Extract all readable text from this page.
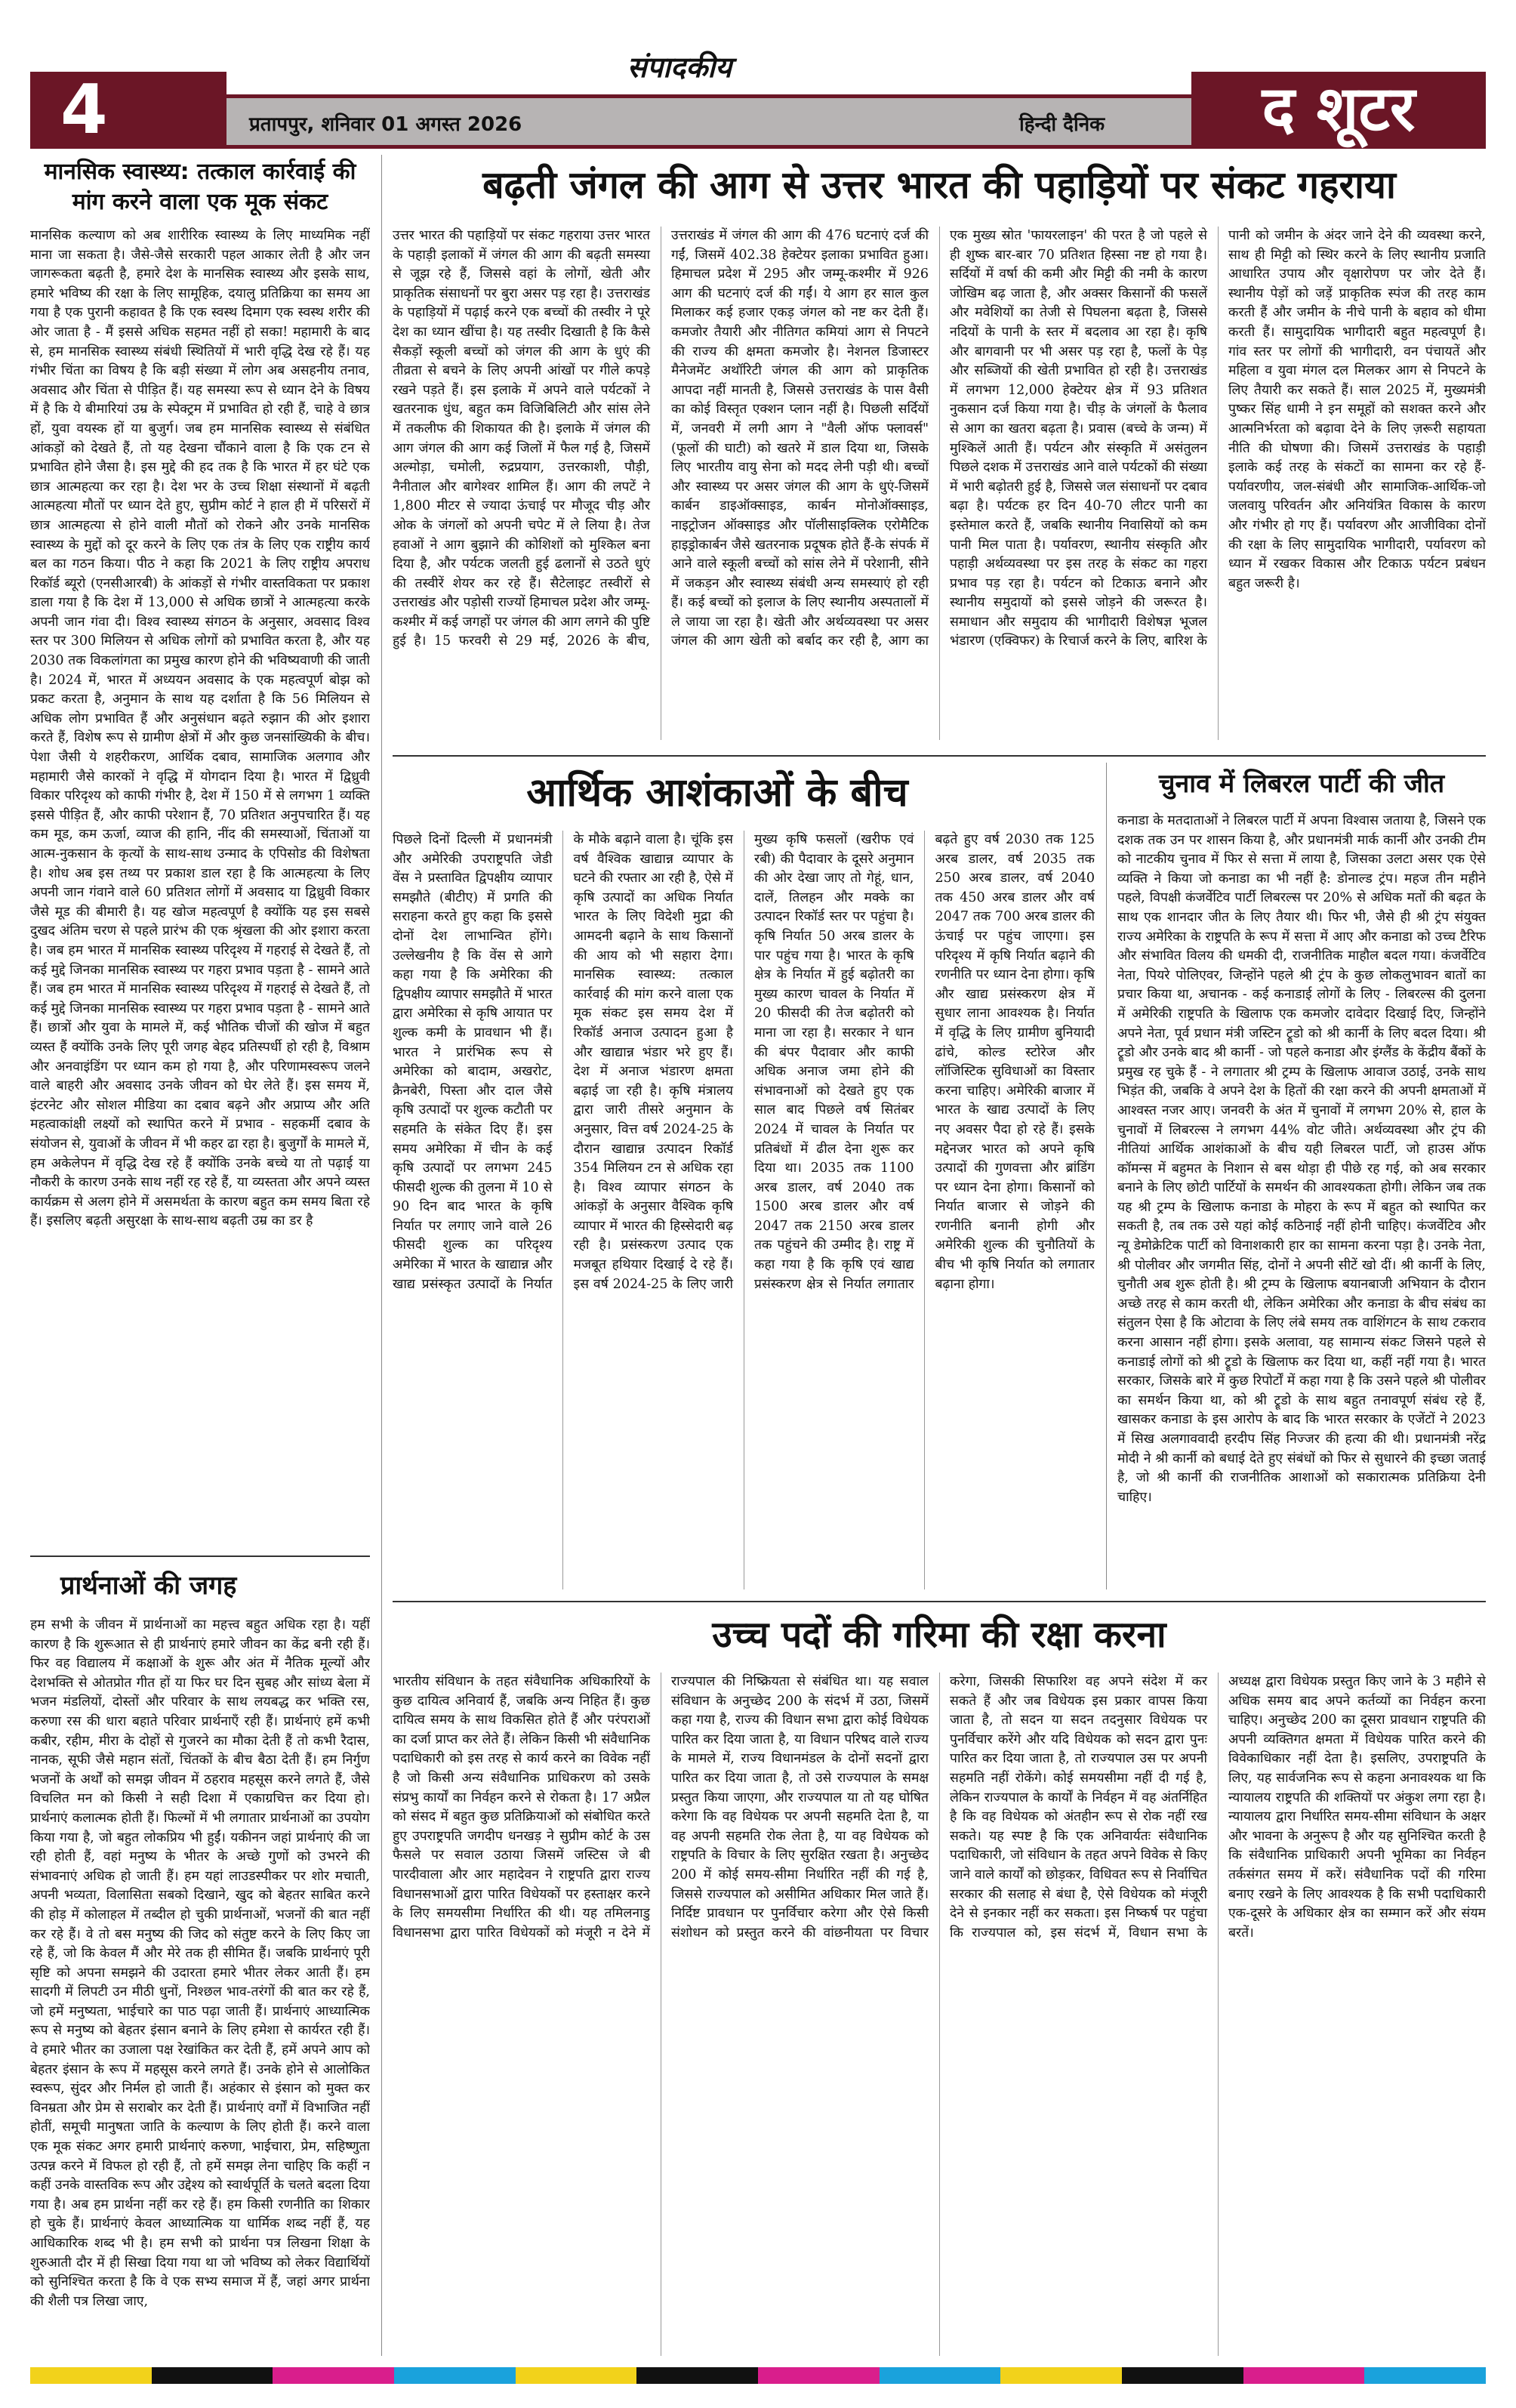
संपादकीय
4	प्रतापपुर, शनिवार 01 अगस्त 2026	हिन्दी दैनिक	द शूटर
मानसिक स्वास्थ्य: तत्काल कार्रवाई की मांग करने वाला एक मूक संकट
मानसिक कल्याण को अब शारीरिक स्वास्थ्य के लिए माध्यमिक नहीं माना जा सकता है। जैसे-जैसे सरकारी पहल आकार लेती है और जन जागरूकता बढ़ती है, हमारे देश के मानसिक स्वास्थ्य और इसके साथ, हमारे भविष्य की रक्षा के लिए सामूहिक, दयालु प्रतिक्रिया का समय आ गया है एक पुरानी कहावत है कि एक स्वस्थ दिमाग एक स्वस्थ शरीर की ओर जाता है - मैं इससे अधिक सहमत नहीं हो सका! महामारी के बाद से, हम मानसिक स्वास्थ्य संबंधी स्थितियों में भारी वृद्धि देख रहे हैं। यह गंभीर चिंता का विषय है कि बड़ी संख्या में लोग अब असहनीय तनाव, अवसाद और चिंता से पीड़ित हैं। यह समस्या रूप से ध्यान देने के विषय में है कि ये बीमारियां उम्र के स्पेक्ट्रम में प्रभावित हो रही हैं, चाहे वे छात्र हों, युवा वयस्क हों या बुजुर्ग। जब हम मानसिक स्वास्थ्य से संबंधित आंकड़ों को देखते हैं, तो यह देखना चौंकाने वाला है कि एक टन से प्रभावित होने जैसा है। इस मुद्दे की हद तक है कि भारत में हर घंटे एक छात्र आत्महत्या कर रहा है। देश भर के उच्च शिक्षा संस्थानों में बढ़ती आत्महत्या मौतों पर ध्यान देते हुए, सुप्रीम कोर्ट ने हाल ही में परिसरों में छात्र आत्महत्या से होने वाली मौतों को रोकने और उनके मानसिक स्वास्थ्य के मुद्दों को दूर करने के लिए एक तंत्र के लिए एक राष्ट्रीय कार्य बल का गठन किया। पीठ ने कहा कि 2021 के लिए राष्ट्रीय अपराध रिकॉर्ड ब्यूरो (एनसीआरबी) के आंकड़ों से गंभीर वास्तविकता पर प्रकाश डाला गया है कि देश में 13,000 से अधिक छात्रों ने आत्महत्या करके अपनी जान गंवा दी। विश्व स्वास्थ्य संगठन के अनुसार, अवसाद विश्व स्तर पर 300 मिलियन से अधिक लोगों को प्रभावित करता है, और यह 2030 तक विकलांगता का प्रमुख कारण होने की भविष्यवाणी की जाती है। 2024 में, भारत में अध्ययन अवसाद के एक महत्वपूर्ण बोझ को प्रकट करता है, अनुमान के साथ यह दर्शाता है कि 56 मिलियन से अधिक लोग प्रभावित हैं और अनुसंधान बढ़ते रुझान की ओर इशारा करते हैं, विशेष रूप से ग्रामीण क्षेत्रों में और कुछ जनसांख्यिकी के बीच। पेशा जैसी ये शहरीकरण, आर्थिक दबाव, सामाजिक अलगाव और महामारी जैसे कारकों ने वृद्धि में योगदान दिया है। भारत में द्विध्रुवी विकार परिदृश्य को काफी गंभीर है, देश में 150 में से लगभग 1 व्यक्ति इससे पीड़ित हैं, और काफी परेशान हैं, 70 प्रतिशत अनुपचारित हैं। यह कम मूड, कम ऊर्जा, व्याज की हानि, नींद की समस्याओं, चिंताओं या आत्म-नुकसान के कृत्यों के साथ-साथ उन्माद के एपिसोड की विशेषता है। शोध अब इस तथ्य पर प्रकाश डाल रहा है कि आत्महत्या के लिए अपनी जान गंवाने वाले 60 प्रतिशत लोगों में अवसाद या द्विध्रुवी विकार जैसे मूड की बीमारी है। यह खोज महत्वपूर्ण है क्योंकि यह इस सबसे दुखद अंतिम चरण से पहले प्रारंभ की एक श्रृंखला की ओर इशारा करता है। जब हम भारत में मानसिक स्वास्थ्य परिदृश्य में गहराई से देखते हैं, तो कई मुद्दे जिनका मानसिक स्वास्थ्य पर गहरा प्रभाव पड़ता है - सामने आते हैं। जब हम भारत में मानसिक स्वास्थ्य परिदृश्य में गहराई से देखते हैं, तो कई मुद्दे जिनका मानसिक स्वास्थ्य पर गहरा प्रभाव पड़ता है - सामने आते हैं। छात्रों और युवा के मामले में, कई भौतिक चीजों की खोज में बहुत व्यस्त हैं क्योंकि उनके लिए पूरी जगह बेहद प्रतिस्पर्धी हो रही है, विश्राम और अनवाइंडिंग पर ध्यान कम हो गया है, और परिणामस्वरूप जलने वाले बाहरी और अवसाद उनके जीवन को घेर लेते हैं। इस समय में, इंटरनेट और सोशल मीडिया का दबाव बढ़ने और अप्राप्य और अति महत्वाकांक्षी लक्ष्यों को स्थापित करने में प्रभाव - सहकर्मी दबाव के संयोजन से, युवाओं के जीवन में भी कहर ढा रहा है। बुजुर्गों के मामले में, हम अकेलेपन में वृद्धि देख रहे हैं क्योंकि उनके बच्चे या तो पढ़ाई या नौकरी के कारण उनके साथ नहीं रह रहे हैं, या व्यस्तता और अपने व्यस्त कार्यक्रम से अलग होने में असमर्थता के कारण बहुत कम समय बिता रहे हैं। इसलिए बढ़ती असुरक्षा के साथ-साथ बढ़ती उम्र का डर है
प्रार्थनाओं की जगह
हम सभी के जीवन में प्रार्थनाओं का महत्त्व बहुत अधिक रहा है। यहीं कारण है कि शुरूआत से ही प्रार्थनाएं हमारे जीवन का केंद्र बनी रही हैं। फिर वह विद्यालय में कक्षाओं के शुरू और अंत में नैतिक मूल्यों और देशभक्ति से ओतप्रोत गीत हों या फिर घर दिन सुबह और सांध्य बेला में भजन मंडलियों, दोस्तों और परिवार के साथ लयबद्ध कर भक्ति रस, करुणा रस की धारा बहाते परिवार प्रार्थनाएँ रही हैं। प्रार्थनाएं हमें कभी कबीर, रहीम, मीरा के दोहों से गुजरने का मौका देती हैं तो कभी रैदास, नानक, सूफी जैसे महान संतों, चिंतकों के बीच बैठा देती हैं। हम निर्गुण भजनों के अर्थों को समझ जीवन में ठहराव महसूस करने लगते हैं, जैसे विचलित मन को किसी ने सही दिशा में एकाग्रचित्त कर दिया हो। प्रार्थनाएं कलात्मक होती हैं। फिल्मों में भी लगातार प्रार्थनाओं का उपयोग किया गया है, जो बहुत लोकप्रिय भी हुईं। यकीनन जहां प्रार्थनाएं की जा रही होती हैं, वहां मनुष्य के भीतर के अच्छे गुणों को उभरने की संभावनाएं अधिक हो जाती हैं। हम यहां लाउडस्पीकर पर शोर मचाती, अपनी भव्यता, विलासिता सबको दिखाने, खुद को बेहतर साबित करने की होड़ में कोलाहल में तब्दील हो चुकी प्रार्थनाओं, भजनों की बात नहीं कर रहे हैं। वे तो बस मनुष्य की जिद को संतुष्ट करने के लिए किए जा रहे हैं, जो कि केवल मैं और मेरे तक ही सीमित हैं। जबकि प्रार्थनाएं पूरी सृष्टि को अपना समझने की उदारता हमारे भीतर लेकर आती हैं। हम सादगी में लिपटी उन मीठी धुनों, निश्छल भाव-तरंगों की बात कर रहे हैं, जो हमें मनुष्यता, भाईचारे का पाठ पढ़ा जाती हैं। प्रार्थनाएं आध्यात्मिक रूप से मनुष्य को बेहतर इंसान बनाने के लिए हमेशा से कार्यरत रही हैं। वे हमारे भीतर का उजाला पक्ष रेखांकित कर देती हैं, हमें अपने आप को बेहतर इंसान के रूप में महसूस करने लगते हैं। उनके होने से आलोकित स्वरूप, सुंदर और निर्मल हो जाती हैं। अहंकार से इंसान को मुक्त कर विनम्रता और प्रेम से सराबोर कर देती हैं। प्रार्थनाएं वर्गों में विभाजित नहीं होतीं, समूची मानुषता जाति के कल्याण के लिए होती हैं। करने वाला एक मूक संकट अगर हमारी प्रार्थनाएं करुणा, भाईचारा, प्रेम, सहिष्णुता उत्पन्न करने में विफल हो रही हैं, तो हमें समझ लेना चाहिए कि कहीं न कहीं उनके वास्तविक रूप और उद्देश्य को स्वार्थपूर्ति के चलते बदला दिया गया है। अब हम प्रार्थना नहीं कर रहे हैं। हम किसी रणनीति का शिकार हो चुके हैं। प्रार्थनाएं केवल आध्यात्मिक या धार्मिक शब्द नहीं हैं, यह आधिकारिक शब्द भी है। हम सभी को प्रार्थना पत्र लिखना शिक्षा के शुरुआती दौर में ही सिखा दिया गया था जो भविष्य को लेकर विद्यार्थियों को सुनिश्चित करता है कि वे एक सभ्य समाज में हैं, जहां अगर प्रार्थना की शैली पत्र लिखा जाए,
बढ़ती जंगल की आग से उत्तर भारत की पहाड़ियों पर संकट गहराया
उत्तर भारत की पहाड़ियों पर संकट गहराया उत्तर भारत के पहाड़ी इलाकों में जंगल की आग की बढ़ती समस्या से जूझ रहे हैं, जिससे वहां के लोगों, खेती और प्राकृतिक संसाधनों पर बुरा असर पड़ रहा है। उत्तराखंड के पहाड़ियों में पढ़ाई करने एक बच्चों की तस्वीर ने पूरे देश का ध्यान खींचा है। यह तस्वीर दिखाती है कि कैसे सैकड़ों स्कूली बच्चों को जंगल की आग के धुएं की तीव्रता से बचने के लिए अपनी आंखों पर गीले कपड़े रखने पड़ते हैं। इस इलाके में अपने वाले पर्यटकों ने खतरनाक धुंध, बहुत कम विजिबिलिटी और सांस लेने में तकलीफ की शिकायत की है। इलाके में जंगल की आग जंगल की आग कई जिलों में फैल गई है, जिसमें अल्मोड़ा, चमोली, रुद्रप्रयाग, उत्तरकाशी, पौड़ी, नैनीताल और बागेश्वर शामिल हैं। आग की लपटें ने 1,800 मीटर से ज्यादा ऊंचाई पर मौजूद चीड़ और ओक के जंगलों को अपनी चपेट में ले लिया है। तेज हवाओं ने आग बुझाने की कोशिशों को मुश्किल बना दिया है, और पर्यटक जलती हुई ढलानों से उठते धुएं की तस्वीरें शेयर कर रहे हैं। सैटेलाइट तस्वीरों से उत्तराखंड और पड़ोसी राज्यों हिमाचल प्रदेश और जम्मू-कश्मीर में कई जगहों पर जंगल की आग लगने की पुष्टि हुई है। 15 फरवरी से 29 मई, 2026 के बीच, उत्तराखंड में जंगल की आग की 476 घटनाएं दर्ज की गईं, जिसमें 402.38 हेक्टेयर इलाका प्रभावित हुआ। हिमाचल प्रदेश में 295 और जम्मू-कश्मीर में 926 आग की घटनाएं दर्ज की गईं। ये आग हर साल कुल मिलाकर कई हजार एकड़ जंगल को नष्ट कर देती हैं। कमजोर तैयारी और नीतिगत कमियां आग से निपटने की राज्य की क्षमता कमजोर है। नेशनल डिजास्टर मैनेजमेंट अथॉरिटी जंगल की आग को प्राकृतिक आपदा नहीं मानती है, जिससे उत्तराखंड के पास वैसी का कोई विस्तृत एक्शन प्लान नहीं है। पिछली सर्दियों में, जनवरी में लगी आग ने "वैली ऑफ फ्लावर्स" (फूलों की घाटी) को खतरे में डाल दिया था, जिसके लिए भारतीय वायु सेना को मदद लेनी पड़ी थी। बच्चों और स्वास्थ्य पर असर जंगल की आग के धुएं-जिसमें कार्बन डाइऑक्साइड, कार्बन मोनोऑक्साइड, नाइट्रोजन ऑक्साइड और पॉलीसाइक्लिक एरोमैटिक हाइड्रोकार्बन जैसे खतरनाक प्रदूषक होते हैं-के संपर्क में आने वाले स्कूली बच्चों को सांस लेने में परेशानी, सीने में जकड़न और स्वास्थ्य संबंधी अन्य समस्याएं हो रही हैं। कई बच्चों को इलाज के लिए स्थानीय अस्पतालों में ले जाया जा रहा है। खेती और अर्थव्यवस्था पर असर जंगल की आग खेती को बर्बाद कर रही है, आग का एक मुख्य स्रोत 'फायरलाइन' की परत है जो पहले से ही शुष्क बार-बार 70 प्रतिशत हिस्सा नष्ट हो गया है। सर्दियों में वर्षा की कमी और मिट्टी की नमी के कारण जोखिम बढ़ जाता है, और अक्सर किसानों की फसलें और मवेशियों का तेजी से पिघलना बढ़ता है, जिससे नदियों के पानी के स्तर में बदलाव आ रहा है। कृषि और बागवानी पर भी असर पड़ रहा है, फलों के पेड़ और सब्जियों की खेती प्रभावित हो रही है। उत्तराखंड में लगभग 12,000 हेक्टेयर क्षेत्र में 93 प्रतिशत नुकसान दर्ज किया गया है। चीड़ के जंगलों के फैलाव से आग का खतरा बढ़ता है। प्रवास (बच्चे के जन्म) में मुश्किलें आती हैं। पर्यटन और संस्कृति में असंतुलन पिछले दशक में उत्तराखंड आने वाले पर्यटकों की संख्या में भारी बढ़ोतरी हुई है, जिससे जल संसाधनों पर दबाव बढ़ा है। पर्यटक हर दिन 40-70 लीटर पानी का इस्तेमाल करते हैं, जबकि स्थानीय निवासियों को कम पानी मिल पाता है। पर्यावरण, स्थानीय संस्कृति और पहाड़ी अर्थव्यवस्था पर इस तरह के संकट का गहरा प्रभाव पड़ रहा है। पर्यटन को टिकाऊ बनाने और स्थानीय समुदायों को इससे जोड़ने की जरूरत है। समाधान और समुदाय की भागीदारी विशेषज्ञ भूजल भंडारण (एक्विफर) के रिचार्ज करने के लिए, बारिश के पानी को जमीन के अंदर जाने देने की व्यवस्था करने, साथ ही मिट्टी को स्थिर करने के लिए स्थानीय प्रजाति आधारित उपाय और वृक्षारोपण पर जोर देते हैं। स्थानीय पेड़ों को जड़ें प्राकृतिक स्पंज की तरह काम करती हैं और जमीन के नीचे पानी के बहाव को धीमा करती हैं। सामुदायिक भागीदारी बहुत महत्वपूर्ण है। गांव स्तर पर लोगों की भागीदारी, वन पंचायतें और महिला व युवा मंगल दल मिलकर आग से निपटने के लिए तैयारी कर सकते हैं। साल 2025 में, मुख्यमंत्री पुष्कर सिंह धामी ने इन समूहों को सशक्त करने और आत्मनिर्भरता को बढ़ावा देने के लिए ज़रूरी सहायता नीति की घोषणा की। जिसमें उत्तराखंड के पहाड़ी इलाके कई तरह के संकटों का सामना कर रहे हैं-पर्यावरणीय, जल-संबंधी और सामाजिक-आर्थिक-जो जलवायु परिवर्तन और अनियंत्रित विकास के कारण और गंभीर हो गए हैं। पर्यावरण और आजीविका दोनों की रक्षा के लिए सामुदायिक भागीदारी, पर्यावरण को ध्यान में रखकर विकास और टिकाऊ पर्यटन प्रबंधन बहुत जरूरी है।
आर्थिक आशंकाओं के बीच
पिछले दिनों दिल्ली में प्रधानमंत्री और अमेरिकी उपराष्ट्रपति जेडी वेंस ने प्रस्तावित द्विपक्षीय व्यापार समझौते (बीटीए) में प्रगति की सराहना करते हुए कहा कि इससे दोनों देश लाभान्वित होंगे। उल्लेखनीय है कि वेंस से आगे कहा गया है कि अमेरिका की द्विपक्षीय व्यापार समझौते में भारत द्वारा अमेरिका से कृषि आयात पर शुल्क कमी के प्रावधान भी हैं। भारत ने प्रारंभिक रूप से अमेरिका को बादाम, अखरोट, क्रैनबेरी, पिस्ता और दाल जैसे कृषि उत्पादों पर शुल्क कटौती पर सहमति के संकेत दिए हैं। इस समय अमेरिका में चीन के कई कृषि उत्पादों पर लगभग 245 फीसदी शुल्क की तुलना में 10 से 90 दिन बाद भारत के कृषि निर्यात पर लगाए जाने वाले 26 फीसदी शुल्क का परिदृश्य अमेरिका में भारत के खाद्यान्न और खाद्य प्रसंस्कृत उत्पादों के निर्यात के मौके बढ़ाने वाला है। चूंकि इस वर्ष वैश्विक खाद्यान्न व्यापार के घटने की रफ्तार आ रही है, ऐसे में कृषि उत्पादों का अधिक निर्यात भारत के लिए विदेशी मुद्रा की आमदनी बढ़ाने के साथ किसानों की आय को भी सहारा देगा। मानसिक स्वास्थ्य: तत्काल कार्रवाई की मांग करने वाला एक मूक संकट इस समय देश में रिकॉर्ड अनाज उत्पादन हुआ है और खाद्यान्न भंडार भरे हुए हैं। देश में अनाज भंडारण क्षमता बढ़ाई जा रही है। कृषि मंत्रालय द्वारा जारी तीसरे अनुमान के अनुसार, वित्त वर्ष 2024-25 के दौरान खाद्यान्न उत्पादन रिकॉर्ड 354 मिलियन टन से अधिक रहा है। विश्व व्यापार संगठन के आंकड़ों के अनुसार वैश्विक कृषि व्यापार में भारत की हिस्सेदारी बढ़ रही है। प्रसंस्करण उत्पाद एक मजबूत हथियार दिखाई दे रहे हैं। इस वर्ष 2024-25 के लिए जारी मुख्य कृषि फसलों (खरीफ एवं रबी) की पैदावार के दूसरे अनुमान की ओर देखा जाए तो गेहूं, धान, दालें, तिलहन और मक्के का उत्पादन रिकॉर्ड स्तर पर पहुंचा है। कृषि निर्यात 50 अरब डालर के पार पहुंच गया है। भारत के कृषि क्षेत्र के निर्यात में हुई बढ़ोतरी का मुख्य कारण चावल के निर्यात में 20 फीसदी की तेज बढ़ोतरी को माना जा रहा है। सरकार ने धान की बंपर पैदावार और काफी अधिक अनाज जमा होने की संभावनाओं को देखते हुए एक साल बाद पिछले वर्ष सितंबर 2024 में चावल के निर्यात पर प्रतिबंधों में ढील देना शुरू कर दिया था। 2035 तक 1100 अरब डालर, वर्ष 2040 तक 1500 अरब डालर और वर्ष 2047 तक 2150 अरब डालर तक पहुंचने की उम्मीद है। राष्ट्र में कहा गया है कि कृषि एवं खाद्य प्रसंस्करण क्षेत्र से निर्यात लगातार बढ़ते हुए वर्ष 2030 तक 125 अरब डालर, वर्ष 2035 तक 250 अरब डालर, वर्ष 2040 तक 450 अरब डालर और वर्ष 2047 तक 700 अरब डालर की ऊंचाई पर पहुंच जाएगा। इस परिदृश्य में कृषि निर्यात बढ़ाने की रणनीति पर ध्यान देना होगा। कृषि और खाद्य प्रसंस्करण क्षेत्र में सुधार लाना आवश्यक है। निर्यात में वृद्धि के लिए ग्रामीण बुनियादी ढांचे, कोल्ड स्टोरेज और लॉजिस्टिक सुविधाओं का विस्तार करना चाहिए। अमेरिकी बाजार में भारत के खाद्य उत्पादों के लिए नए अवसर पैदा हो रहे हैं। इसके मद्देनजर भारत को अपने कृषि उत्पादों की गुणवत्ता और ब्रांडिंग पर ध्यान देना होगा। किसानों को निर्यात बाजार से जोड़ने की रणनीति बनानी होगी और अमेरिकी शुल्क की चुनौतियों के बीच भी कृषि निर्यात को लगातार बढ़ाना होगा।
चुनाव में लिबरल पार्टी की जीत
कनाडा के मतदाताओं ने लिबरल पार्टी में अपना विश्वास जताया है, जिसने एक दशक तक उन पर शासन किया है, और प्रधानमंत्री मार्क कार्नी और उनकी टीम को नाटकीय चुनाव में फिर से सत्ता में लाया है, जिसका उलटा असर एक ऐसे व्यक्ति ने किया जो कनाडा का भी नहीं है: डोनाल्ड ट्रंप। महज तीन महीने पहले, विपक्षी कंजर्वेटिव पार्टी लिबरल्स पर 20% से अधिक मतों की बढ़त के साथ एक शानदार जीत के लिए तैयार थी। फिर भी, जैसे ही श्री ट्रंप संयुक्त राज्य अमेरिका के राष्ट्रपति के रूप में सत्ता में आए और कनाडा को उच्च टैरिफ और संभावित विलय की धमकी दी, राजनीतिक माहौल बदल गया। कंजर्वेटिव नेता, पियरे पोलिएवर, जिन्होंने पहले श्री ट्रंप के कुछ लोकलुभावन बातों का प्रचार किया था, अचानक - कई कनाडाई लोगों के लिए - लिबरल्स की दुलना में अमेरिकी राष्ट्रपति के खिलाफ एक कमजोर दावेदार दिखाई दिए, जिन्होंने अपने नेता, पूर्व प्रधान मंत्री जस्टिन ट्रूडो को श्री कार्नी के लिए बदल दिया। श्री ट्रूडो और उनके बाद श्री कार्नी - जो पहले कनाडा और इंग्लैंड के केंद्रीय बैंकों के प्रमुख रह चुके हैं - ने लगातार श्री ट्रम्प के खिलाफ आवाज उठाई, उनके साथ भिड़ंत की, जबकि वे अपने देश के हितों की रक्षा करने की अपनी क्षमताओं में आश्वस्त नजर आए। जनवरी के अंत में चुनावों में लगभग 20% से, हाल के चुनावों में लिबरल्स ने लगभग 44% वोट जीते। अर्थव्यवस्था और ट्रंप की नीतियां आर्थिक आशंकाओं के बीच यही लिबरल पार्टी, जो हाउस ऑफ कॉमन्स में बहुमत के निशान से बस थोड़ा ही पीछे रह गई, को अब सरकार बनाने के लिए छोटी पार्टियों के समर्थन की आवश्यकता होगी। लेकिन जब तक यह श्री ट्रम्प के खिलाफ कनाडा के मोहरा के रूप में बहुत को स्थापित कर सकती है, तब तक उसे यहां कोई कठिनाई नहीं होनी चाहिए। कंजर्वेटिव और न्यू डेमोक्रेटिक पार्टी को विनाशकारी हार का सामना करना पड़ा है। उनके नेता, श्री पोलीवर और जगमीत सिंह, दोनों ने अपनी सीटें खो दीं। श्री कार्नी के लिए, चुनौती अब शुरू होती है। श्री ट्रम्प के खिलाफ बयानबाजी अभियान के दौरान अच्छे तरह से काम करती थी, लेकिन अमेरिका और कनाडा के बीच संबंध का संतुलन ऐसा है कि ओटावा के लिए लंबे समय तक वाशिंगटन के साथ टकराव करना आसान नहीं होगा। इसके अलावा, यह सामान्य संकट जिसने पहले से कनाडाई लोगों को श्री ट्रूडो के खिलाफ कर दिया था, कहीं नहीं गया है। भारत सरकार, जिसके बारे में कुछ रिपोर्टों में कहा गया है कि उसने पहले श्री पोलीवर का समर्थन किया था, को श्री ट्रूडो के साथ बहुत तनावपूर्ण संबंध रहे हैं, खासकर कनाडा के इस आरोप के बाद कि भारत सरकार के एजेंटों ने 2023 में सिख अलगाववादी हरदीप सिंह निज्जर की हत्या की थी। प्रधानमंत्री नरेंद्र मोदी ने श्री कार्नी को बधाई देते हुए संबंधों को फिर से सुधारने की इच्छा जताई है, जो श्री कार्नी की राजनीतिक आशाओं को सकारात्मक प्रतिक्रिया देनी चाहिए।
उच्च पदों की गरिमा की रक्षा करना
भारतीय संविधान के तहत संवैधानिक अधिकारियों के कुछ दायित्व अनिवार्य हैं, जबकि अन्य निहित हैं। कुछ दायित्व समय के साथ विकसित होते हैं और परंपराओं का दर्जा प्राप्त कर लेते हैं। लेकिन किसी भी संवैधानिक पदाधिकारी को इस तरह से कार्य करने का विवेक नहीं है जो किसी अन्य संवैधानिक प्राधिकरण को उसके संप्रभु कार्यों का निर्वहन करने से रोकता है। 17 अप्रैल को संसद में बहुत कुछ प्रतिक्रियाओं को संबोधित करते हुए उपराष्ट्रपति जगदीप धनखड़ ने सुप्रीम कोर्ट के उस फैसले पर सवाल उठाया जिसमें जस्टिस जे बी पारदीवाला और आर महादेवन ने राष्ट्रपति द्वारा राज्य विधानसभाओं द्वारा पारित विधेयकों पर हस्ताक्षर करने के लिए समयसीमा निर्धारित की थी। यह तमिलनाडु विधानसभा द्वारा पारित विधेयकों को मंजूरी न देने में राज्यपाल की निष्क्रियता से संबंधित था। यह सवाल संविधान के अनुच्छेद 200 के संदर्भ में उठा, जिसमें कहा गया है, राज्य की विधान सभा द्वारा कोई विधेयक पारित कर दिया जाता है, या विधान परिषद वाले राज्य के मामले में, राज्य विधानमंडल के दोनों सदनों द्वारा पारित कर दिया जाता है, तो उसे राज्यपाल के समक्ष प्रस्तुत किया जाएगा, और राज्यपाल या तो यह घोषित करेगा कि वह विधेयक पर अपनी सहमति देता है, या वह अपनी सहमति रोक लेता है, या वह विधेयक को राष्ट्रपति के विचार के लिए सुरक्षित रखता है। अनुच्छेद 200 में कोई समय-सीमा निर्धारित नहीं की गई है, जिससे राज्यपाल को असीमित अधिकार मिल जाते हैं। निर्दिष्ट प्रावधान पर पुनर्विचार करेगा और ऐसे किसी संशोधन को प्रस्तुत करने की वांछनीयता पर विचार करेगा, जिसकी सिफारिश वह अपने संदेश में कर सकते हैं और जब विधेयक इस प्रकार वापस किया जाता है, तो सदन या सदन तदनुसार विधेयक पर पुनर्विचार करेंगे और यदि विधेयक को सदन द्वारा पुनः पारित कर दिया जाता है, तो राज्यपाल उस पर अपनी सहमति नहीं रोकेंगे। कोई समयसीमा नहीं दी गई है, लेकिन राज्यपाल के कार्यों के निर्वहन में वह अंतर्निहित है कि वह विधेयक को अंतहीन रूप से रोक नहीं रख सकते। यह स्पष्ट है कि एक अनिवार्यतः संवैधानिक पदाधिकारी, जो संविधान के तहत अपने विवेक से किए जाने वाले कार्यों को छोड़कर, विधिवत रूप से निर्वाचित सरकार की सलाह से बंधा है, ऐसे विधेयक को मंजूरी देने से इनकार नहीं कर सकता। इस निष्कर्ष पर पहुंचा कि राज्यपाल को, इस संदर्भ में, विधान सभा के अध्यक्ष द्वारा विधेयक प्रस्तुत किए जाने के 3 महीने से अधिक समय बाद अपने कर्तव्यों का निर्वहन करना चाहिए। अनुच्छेद 200 का दूसरा प्रावधान राष्ट्रपति की अपनी व्यक्तिगत क्षमता में विधेयक पारित करने की विवेकाधिकार नहीं देता है। इसलिए, उपराष्ट्रपति के लिए, यह सार्वजनिक रूप से कहना अनावश्यक था कि न्यायालय राष्ट्रपति की शक्तियों पर अंकुश लगा रहा है। न्यायालय द्वारा निर्धारित समय-सीमा संविधान के अक्षर और भावना के अनुरूप है और यह सुनिश्चित करती है कि संवैधानिक प्राधिकारी अपनी भूमिका का निर्वहन तर्कसंगत समय में करें। संवैधानिक पदों की गरिमा बनाए रखने के लिए आवश्यक है कि सभी पदाधिकारी एक-दूसरे के अधिकार क्षेत्र का सम्मान करें और संयम बरतें।
